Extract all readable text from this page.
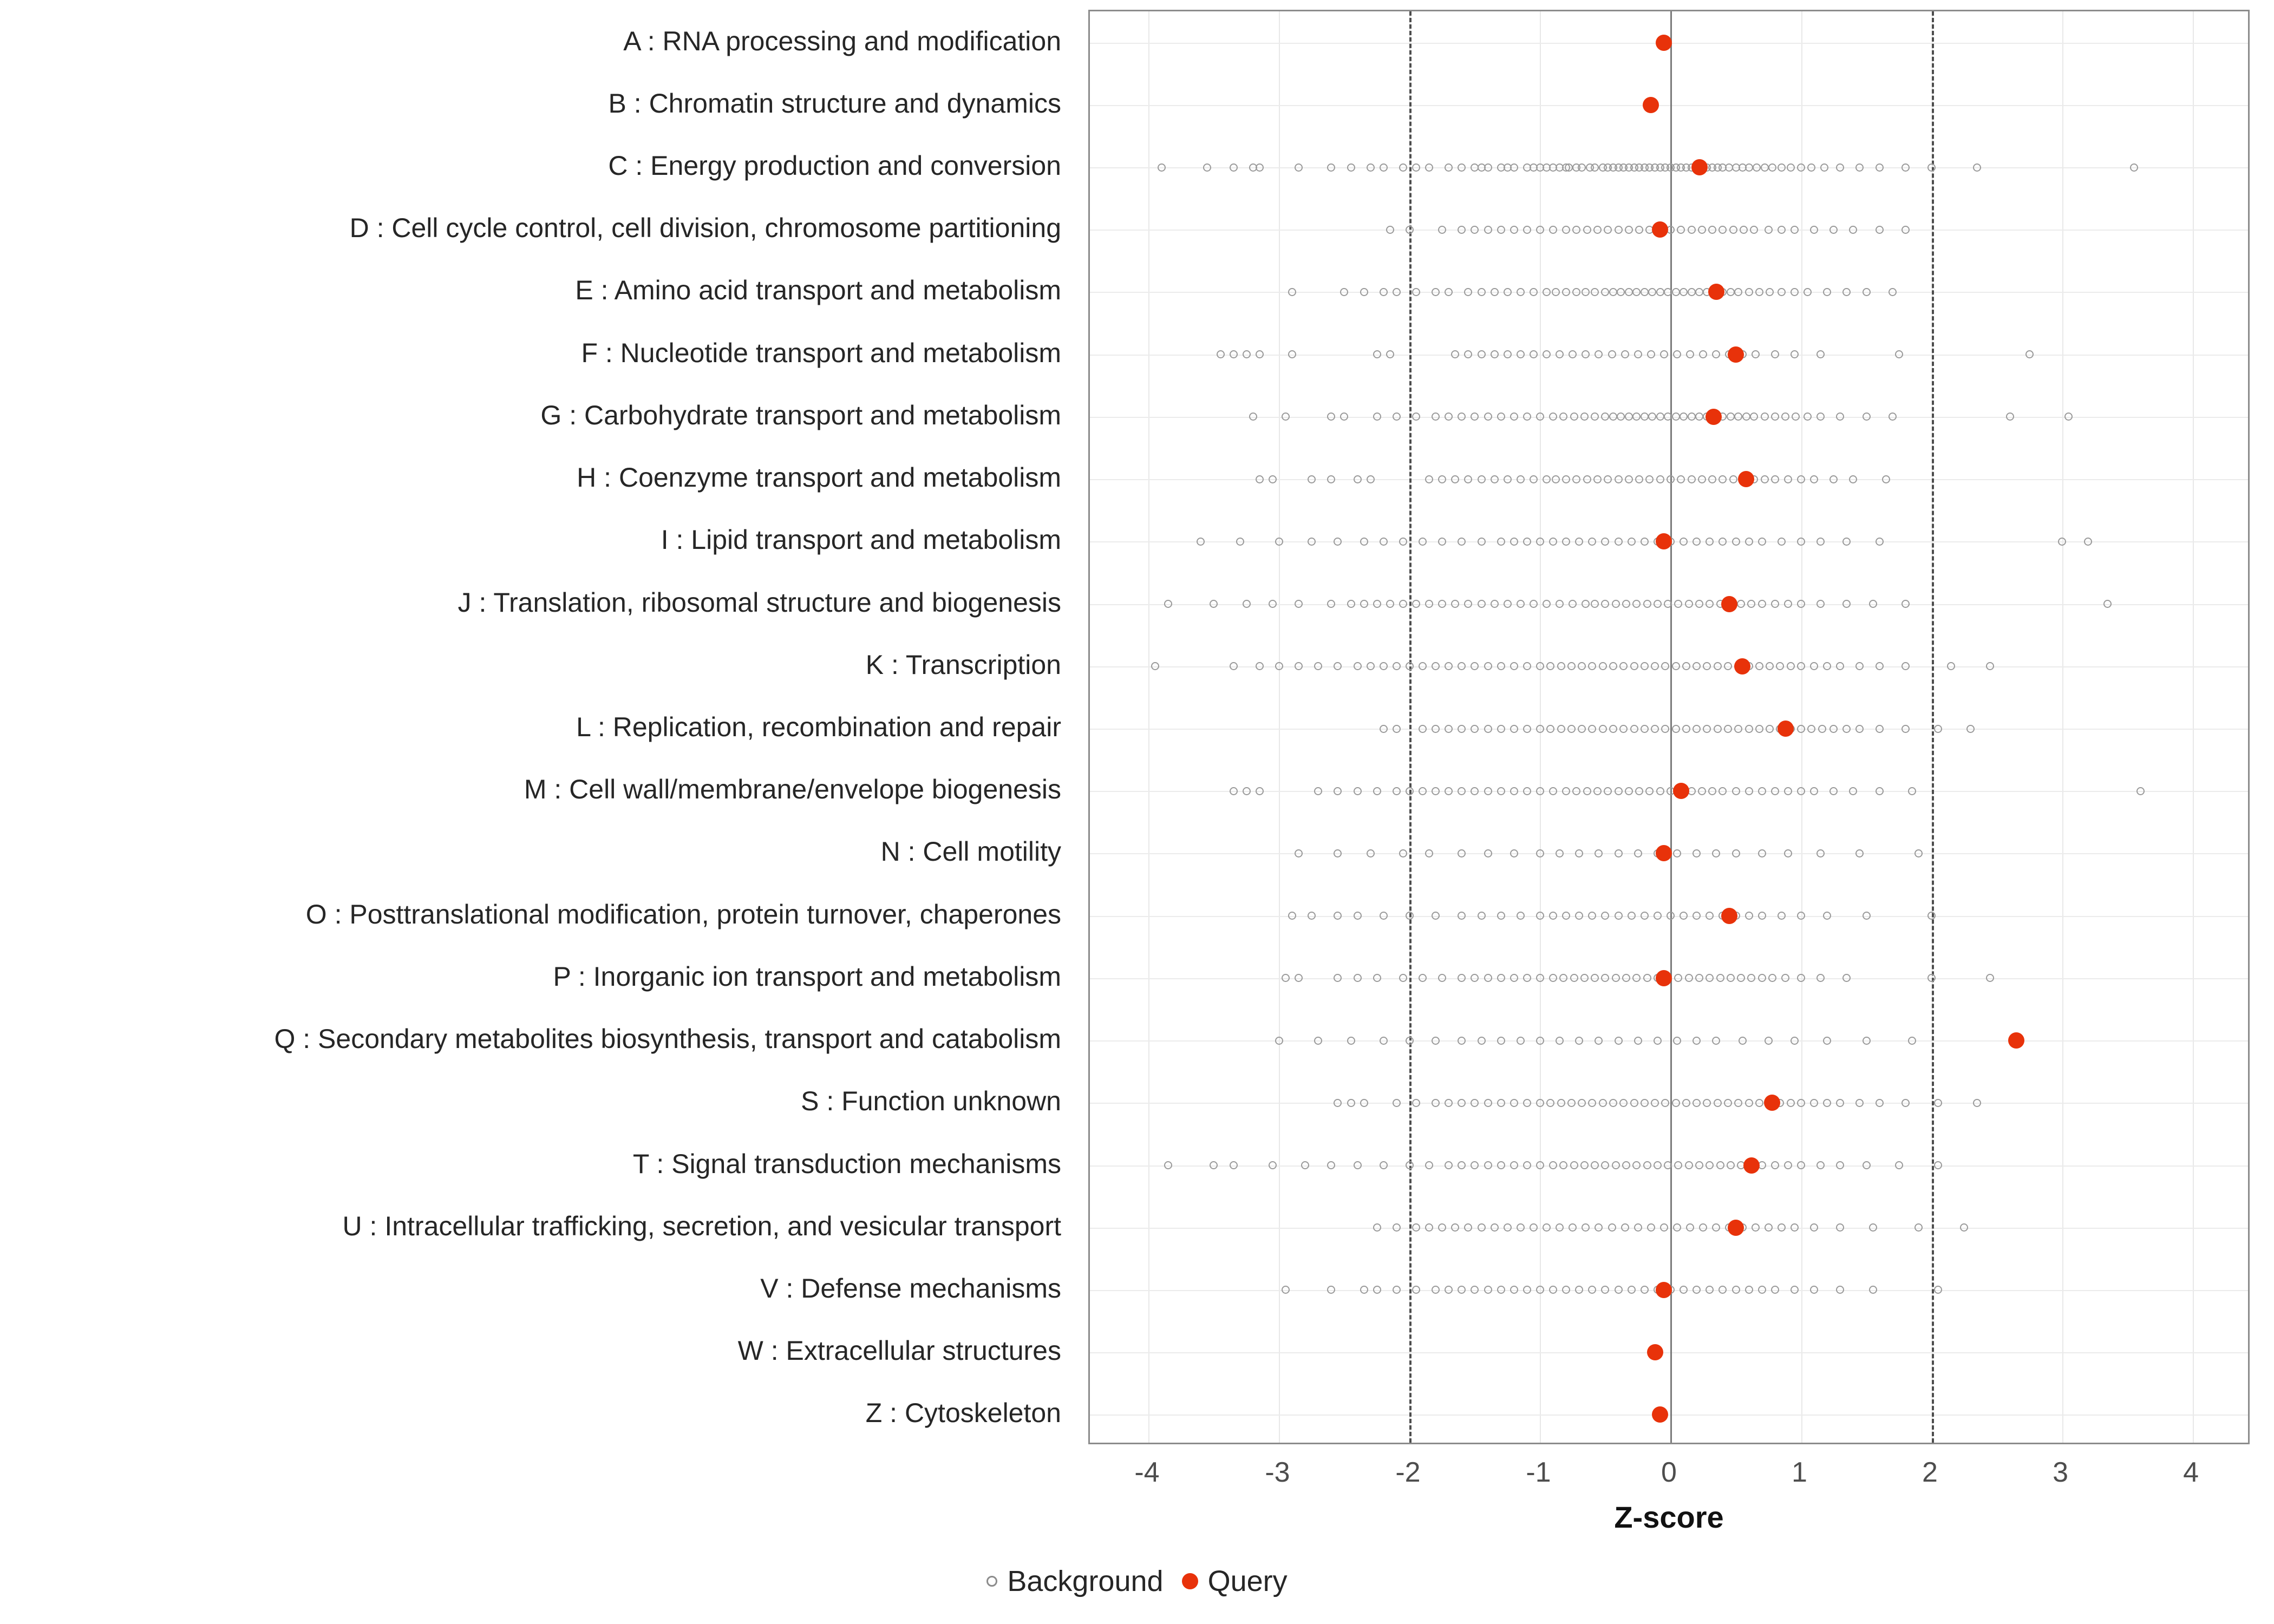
A : RNA processing and modification
B : Chromatin structure and dynamics
C : Energy production and conversion
D : Cell cycle control, cell division, chromosome partitioning
E : Amino acid transport and metabolism
F : Nucleotide transport and metabolism
G : Carbohydrate transport and metabolism
H : Coenzyme transport and metabolism
I : Lipid transport and metabolism
J : Translation, ribosomal structure and biogenesis
K : Transcription
L : Replication, recombination and repair
M : Cell wall/membrane/envelope biogenesis
N : Cell motility
O : Posttranslational modification, protein turnover, chaperones
P : Inorganic ion transport and metabolism
Q : Secondary metabolites biosynthesis, transport and catabolism
S : Function unknown
T : Signal transduction mechanisms
U : Intracellular trafficking, secretion, and vesicular transport
V : Defense mechanisms
W : Extracellular structures
Z : Cytoskeleton
Z-score
Background Query
-4	-3	-2	-1	0	1	2	3	4
